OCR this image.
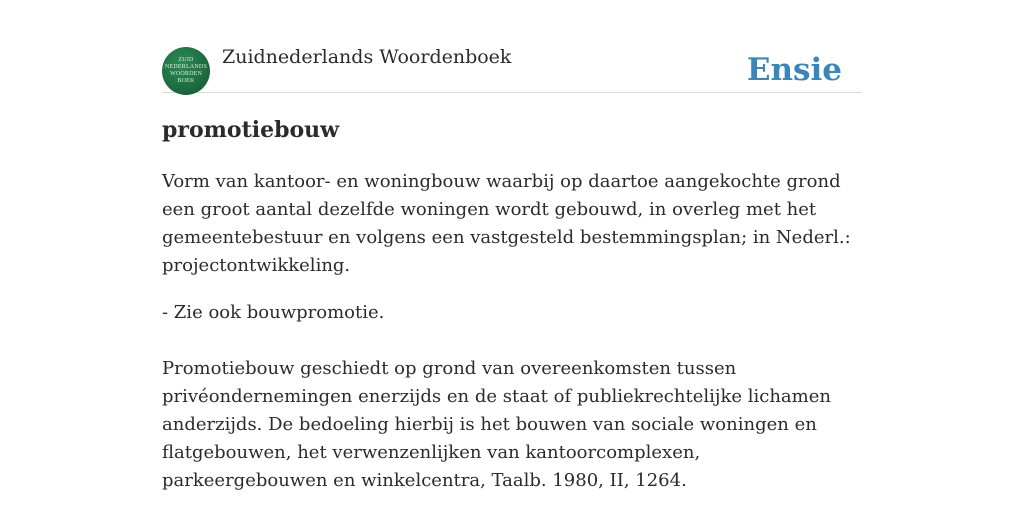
ZUID
NEDERLANDS
WOORDEN
BOEK
Zuidnederlands Woordenboek	Ensie
promotiebouw

Vorm van kantoor- en woningbouw waarbij op daartoe aangekochte grond een groot aantal dezelfde woningen wordt gebouwd, in overleg met het gemeentebestuur en volgens een vastgesteld bestemmingsplan; in Nederl.: projectontwikkeling.

- Zie ook bouwpromotie.

Promotiebouw geschiedt op grond van overeenkomsten tussen privéondernemingen enerzijds en de staat of publiekrechtelijke lichamen anderzijds. De bedoeling hierbij is het bouwen van sociale woningen en flatgebouwen, het verwenzenlijken van kantoorcomplexen, parkeergebouwen en winkelcentra, Taalb. 1980, II, 1264.
